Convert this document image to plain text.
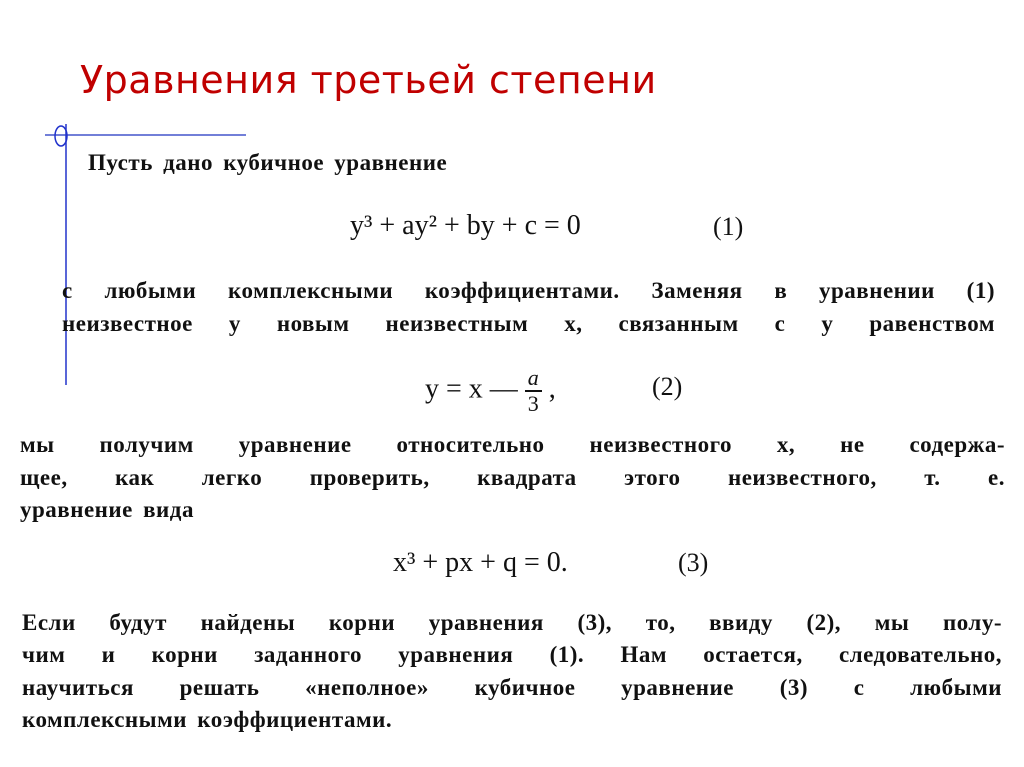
Уравнения третьей степени
Пусть дано кубичное уравнение
y³ + ay² + by + c = 0	(1)
с любыми комплексными коэффициентами. Заменяя в уравнении (1)
неизвестное y новым неизвестным x, связанным с y равенством
y = x — $\frac{a}{3}$ ,	(2)
мы получим уравнение относительно неизвестного x, не содержа-
щее, как легко проверить, квадрата этого неизвестного, т. е.
уравнение вида
x³ + px + q = 0.	(3)
Если будут найдены корни уравнения (3), то, ввиду (2), мы полу-
чим и корни заданного уравнения (1). Нам остается, следовательно,
научиться решать «неполное» кубичное уравнение (3) с любыми
комплексными коэффициентами.
